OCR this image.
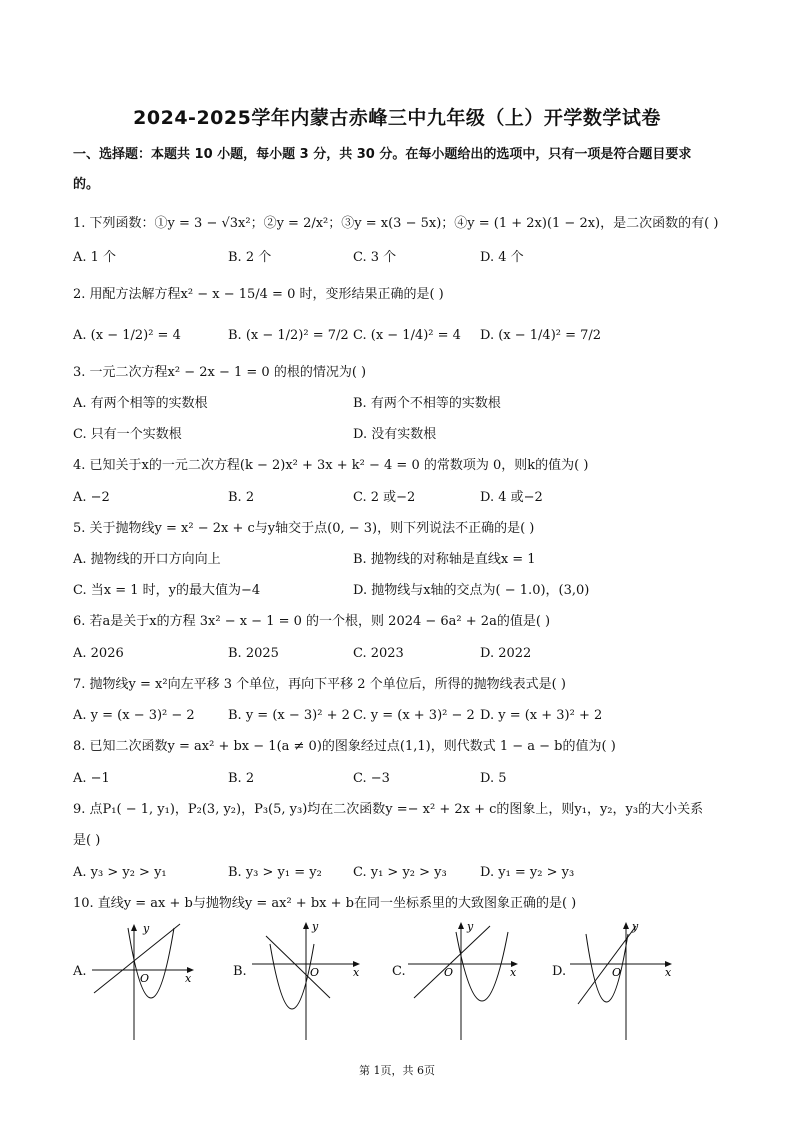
2024-2025学年内蒙古赤峰三中九年级（上）开学数学试卷
一、选择题：本题共 10 小题，每小题 3 分，共 30 分。在每小题给出的选项中，只有一项是符合题目要求
的。
1. 下列函数：①y = 3 − √3x²；②y = 2/x²；③y = x(3 − 5x)；④y = (1 + 2x)(1 − 2x)，是二次函数的有( )
A. 1 个	B. 2 个	C. 3 个	D. 4 个
2. 用配方法解方程x² − x − 15/4 = 0 时，变形结果正确的是( )
A. (x − 1/2)² = 4	B. (x − 1/2)² = 7/2 C. (x − 1/4)² = 4 D. (x − 1/4)² = 7/2
3. 一元二次方程x² − 2x − 1 = 0 的根的情况为( )
A. 有两个相等的实数根	B. 有两个不相等的实数根
C. 只有一个实数根	D. 没有实数根
4. 已知关于x的一元二次方程(k − 2)x² + 3x + k² − 4 = 0 的常数项为 0，则k的值为( )
A. −2	B. 2	C. 2 或−2	D. 4 或−2
5. 关于抛物线y = x² − 2x + c与y轴交于点(0, − 3)，则下列说法不正确的是( )
A. 抛物线的开口方向向上	B. 抛物线的对称轴是直线x = 1
C. 当x = 1 时，y的最大值为−4	D. 抛物线与x轴的交点为( − 1.0)，(3,0)
6. 若a是关于x的方程 3x² − x − 1 = 0 的一个根，则 2024 − 6a² + 2a的值是( )
A. 2026	B. 2025	C. 2023	D. 2022
7. 抛物线y = x²向左平移 3 个单位，再向下平移 2 个单位后，所得的抛物线表式是( )
A. y = (x − 3)² − 2	B. y = (x − 3)² + 2 C. y = (x + 3)² − 2 D. y = (x + 3)² + 2
8. 已知二次函数y = ax² + bx − 1(a ≠ 0)的图象经过点(1,1)，则代数式 1 − a − b的值为( )
A. −1	B. 2	C. −3	D. 5
9. 点P₁( − 1, y₁)，P₂(3, y₂)，P₃(5, y₃)均在二次函数y =− x² + 2x + c的图象上，则y₁，y₂，y₃的大小关系
是( )
A. y₃ > y₂ > y₁	B. y₃ > y₁ = y₂ C. y₁ > y₂ > y₃	D. y₁ = y₂ > y₃
10. 直线y = ax + b与抛物线y = ax² + bx + b在同一坐标系里的大致图象正确的是( )
A.
y
x
O	B.
y
x
O	C.
y
x
O	D.
y
x
O
第 1页，共 6页
